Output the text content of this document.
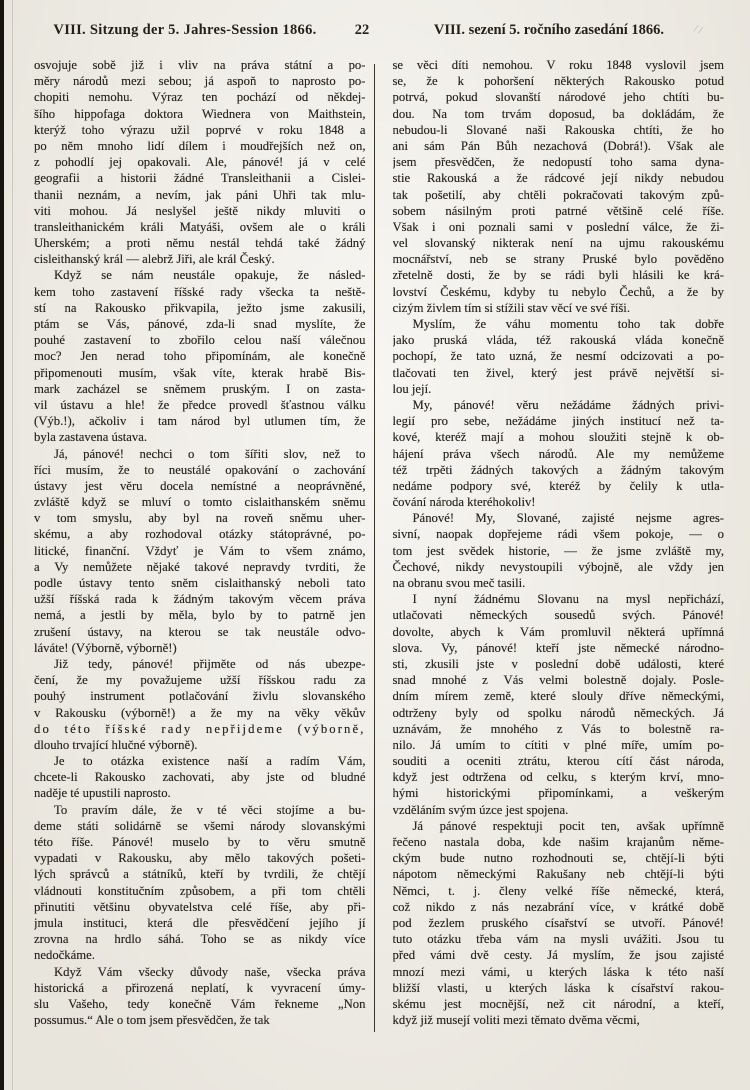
VIII. Sitzung der 5. Jahres-Session 1866.	22	VIII. sezení 5. ročního zasedání 1866.	//
osvojuje sobě již i vliv na práva státní a po-
měry národů mezi sebou; já aspoň to naprosto po-
chopiti nemohu. Výraz ten pochází od někdej-
šího hippofaga doktora Wiednera von Maithstein,
kterýž toho výrazu užil poprvé v roku 1848 a
po něm mnoho lidí dílem i moudřejších než on,
z pohodlí jej opakovali. Ale, pánové! já v celé
geografii a historii žádné Transleithanii a Cislei-
thanii neznám, a nevím, jak páni Uhři tak mlu-
viti mohou. Já neslyšel ještě nikdy mluviti o
transleithanickém králi Matyáši, ovšem ale o králi
Uherském; a proti němu nestál tehdá také žádný
cisleithanský král — alebrž Jiři, ale král Český.
Když se nám neustále opakuje, že násled-
kem toho zastavení říšské rady všecka ta neště-
stí na Rakousko přikvapila, ježto jsme zakusili,
ptám se Vás, pánové, zda-li snad myslíte, že
pouhé zastavení to zbořilo celou naší válečnou
moc? Jen nerad toho připomínám, ale konečně
připomenouti musím, však víte, kterak hrabě Bis-
mark zacházel se sněmem pruským. I on zasta-
vil ústavu a hle! že předce provedl šťastnou válku
(Výb.!), ačkoliv i tam národ byl utlumen tím, že
byla zastavena ústava.
Já, pánové! nechci o tom šířiti slov, než to
říci musím, že to neustálé opakování o zachování
ústavy jest věru docela nemístné a neoprávněné,
zvláště když se mluví o tomto cislaithanském sněmu
v tom smyslu, aby byl na roveň sněmu uher-
skému, a aby rozhodoval otázky státoprávné, po-
litické, finanční. Vždyť je Vám to všem známo,
a Vy nemůžete nějaké takové nepravdy tvrditi, že
podle ústavy tento sněm cislaithanský neboli tato
užší říšská rada k žádným takovým věcem práva
nemá, a jestli by měla, bylo by to patrně jen
zrušení ústavy, na kterou se tak neustále odvo-
láváte! (Výborně, výborně!)
Již tedy, pánové! přijměte od nás ubezpe-
čení, že my považujeme užší říšskou radu za
pouhý instrument potlačování živlu slovanského
v Rakousku (výborně!) a že my na věky věkův
do této říšské rady nepřijdeme (výborně,
dlouho trvající hlučné výborně).
Je to otázka existence naší a radím Vám,
chcete-li Rakousko zachovati, aby jste od bludné
naděje té upustili naprosto.
To pravím dále, že v té věci stojíme a bu-
deme státi solidárně se všemi národy slovanskými
této říše. Pánové! muselo by to věru smutně
vypadati v Rakousku, aby mělo takových pošeti-
lých správců a státníků, kteří by tvrdili, že chtějí
vládnouti konstitučním způsobem, a při tom chtěli
přinutiti většinu obyvatelstva celé říše, aby při-
jmula instituci, která dle přesvědčení jejího jí
zrovna na hrdlo sáhá. Toho se as nikdy více
nedočkáme.
Když Vám všecky důvody naše, všecka práva
historická a přirozená neplatí, k vyvracení úmy-
slu Vašeho, tedy konečně Vám řekneme „Non
possumus.“ Ale o tom jsem přesvědčen, že tak
se věci díti nemohou. V roku 1848 vyslovil jsem
se, že k pohoršení některých Rakousko potud
potrvá, pokud slovanští národové jeho chtíti bu-
dou. Na tom trvám doposud, ba dokládám, že
nebudou-li Slované naši Rakouska chtíti, že ho
ani sám Pán Bůh nezachová (Dobrá!). Však ale
jsem přesvědčen, že nedopustí toho sama dyna-
stie Rakouská a že rádcové její nikdy nebudou
tak pošetilí, aby chtěli pokračovati takovým způ-
sobem násilným proti patrné většině celé říše.
Však i oni poznali sami v poslední válce, že ži-
vel slovanský nikterak není na ujmu rakouskému
mocnářství, neb se strany Pruské bylo pověděno
zřetelně dosti, že by se rádi byli hlásili ke krá-
lovství Českému, kdyby tu nebylo Čechů, a že by
cizým živlem tím si stížili stav věcí ve své říši.
Myslím, že váhu momentu toho tak dobře
jako pruská vláda, též rakouská vláda konečně
pochopí, že tato uzná, že nesmí odcizovati a po-
tlačovati ten živel, který jest právě největší si-
lou její.
My, pánové! věru nežádáme žádných privi-
legií pro sebe, nežádáme jiných institucí než ta-
kové, kteréž mají a mohou sloužiti stejně k ob-
hájení práva všech národů. Ale my nemůžeme
též trpěti žádných takových a žádným takovým
nedáme podpory své, kteréž by čelily k utla-
čování národa kteréhokoliv!
Pánové! My, Slované, zajisté nejsme agres-
sivní, naopak dopřejeme rádi všem pokoje, — o
tom jest svědek historie, — že jsme zvláště my,
Čechové, nikdy nevystoupili výbojně, ale vždy jen
na obranu svou meč tasili.
I nyní žádnému Slovanu na mysl nepřichází,
utlačovati německých sousedů svých. Pánové!
dovolte, abych k Vám promluvil některá upřímná
slova. Vy, pánové! kteří jste německé národno-
sti, zkusili jste v poslední době události, které
snad mnohé z Vás velmi bolestně dojaly. Posle-
dním mírem země, které slouly dříve německými,
odtrženy byly od spolku národů německých. Já
uznávám, že mnohého z Vás to bolestně ra-
nilo. Já umím to cítiti v plné míře, umím po-
souditi a oceniti ztrátu, kterou cítí část národa,
když jest odtržena od celku, s kterým krví, mno-
hými historickými připomínkami, a veškerým
vzděláním svým úzce jest spojena.
Já pánové respektuji pocit ten, avšak upřímně
řečeno nastala doba, kde našim krajanům něme-
ckým bude nutno rozhodnouti se, chtějí-li býti
nápotom německými Rakušany neb chtějí-li býti
Němci, t. j. členy velké říše německé, která,
což nikdo z nás nezabrání více, v krátké době
pod žezlem pruského císařství se utvoří. Pánové!
tuto otázku třeba vám na mysli uvážiti. Jsou tu
před vámi dvě cesty. Já myslím, že jsou zajisté
mnozí mezi vámi, u kterých láska k této naší
bližší vlasti, u kterých láska k císařství rakou-
skému jest mocnější, než cit národní, a kteří,
když již musejí voliti mezi těmato dvěma věcmi,
